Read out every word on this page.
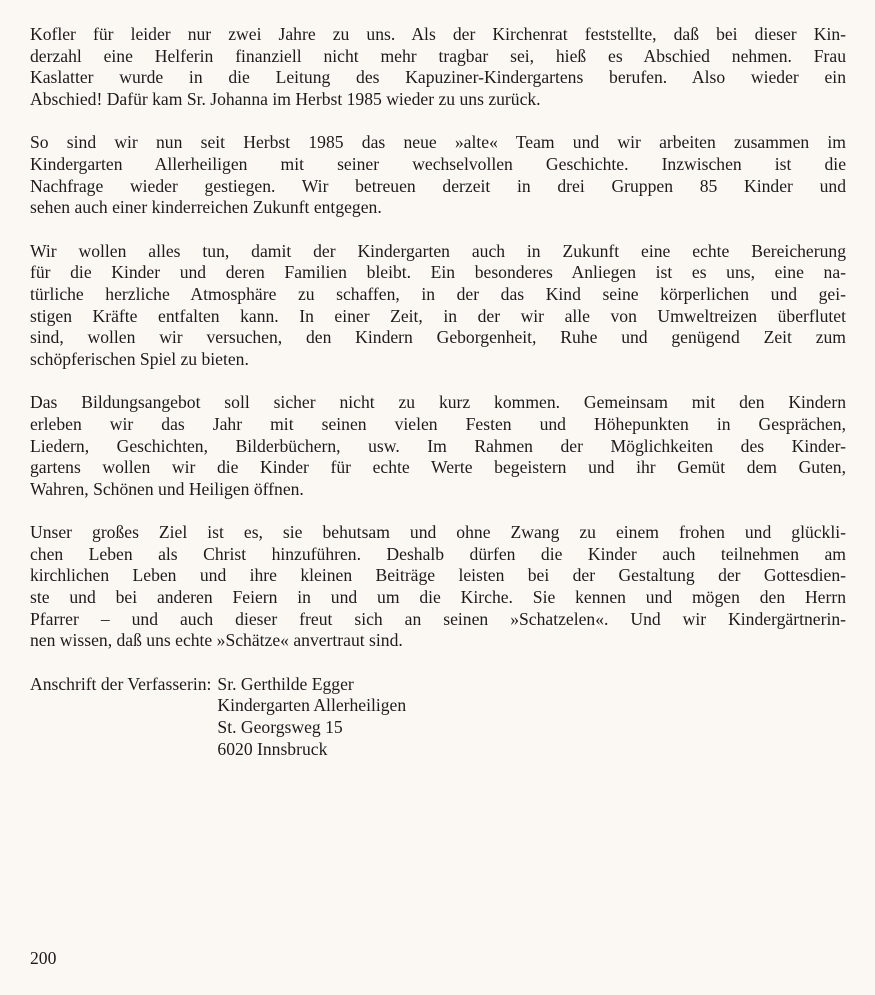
Kofler für leider nur zwei Jahre zu uns. Als der Kirchenrat feststellte, daß bei dieser Kin-
derzahl eine Helferin finanziell nicht mehr tragbar sei, hieß es Abschied nehmen. Frau
Kaslatter wurde in die Leitung des Kapuziner-Kindergartens berufen. Also wieder ein
Abschied! Dafür kam Sr. Johanna im Herbst 1985 wieder zu uns zurück.

So sind wir nun seit Herbst 1985 das neue »alte« Team und wir arbeiten zusammen im
Kindergarten Allerheiligen mit seiner wechselvollen Geschichte. Inzwischen ist die
Nachfrage wieder gestiegen. Wir betreuen derzeit in drei Gruppen 85 Kinder und
sehen auch einer kinderreichen Zukunft entgegen.

Wir wollen alles tun, damit der Kindergarten auch in Zukunft eine echte Bereicherung
für die Kinder und deren Familien bleibt. Ein besonderes Anliegen ist es uns, eine na-
türliche herzliche Atmosphäre zu schaffen, in der das Kind seine körperlichen und gei-
stigen Kräfte entfalten kann. In einer Zeit, in der wir alle von Umweltreizen überflutet
sind, wollen wir versuchen, den Kindern Geborgenheit, Ruhe und genügend Zeit zum
schöpferischen Spiel zu bieten.

Das Bildungsangebot soll sicher nicht zu kurz kommen. Gemeinsam mit den Kindern
erleben wir das Jahr mit seinen vielen Festen und Höhepunkten in Gesprächen,
Liedern, Geschichten, Bilderbüchern, usw. Im Rahmen der Möglichkeiten des Kinder-
gartens wollen wir die Kinder für echte Werte begeistern und ihr Gemüt dem Guten,
Wahren, Schönen und Heiligen öffnen.

Unser großes Ziel ist es, sie behutsam und ohne Zwang zu einem frohen und glückli-
chen Leben als Christ hinzuführen. Deshalb dürfen die Kinder auch teilnehmen am
kirchlichen Leben und ihre kleinen Beiträge leisten bei der Gestaltung der Gottesdien-
ste und bei anderen Feiern in und um die Kirche. Sie kennen und mögen den Herrn
Pfarrer – und auch dieser freut sich an seinen »Schatzelen«. Und wir Kindergärtnerin-
nen wissen, daß uns echte »Schätze« anvertraut sind.

Anschrift der Verfasserin: Sr. Gerthilde Egger
Kindergarten Allerheiligen
St. Georgsweg 15
6020 Innsbruck
200
